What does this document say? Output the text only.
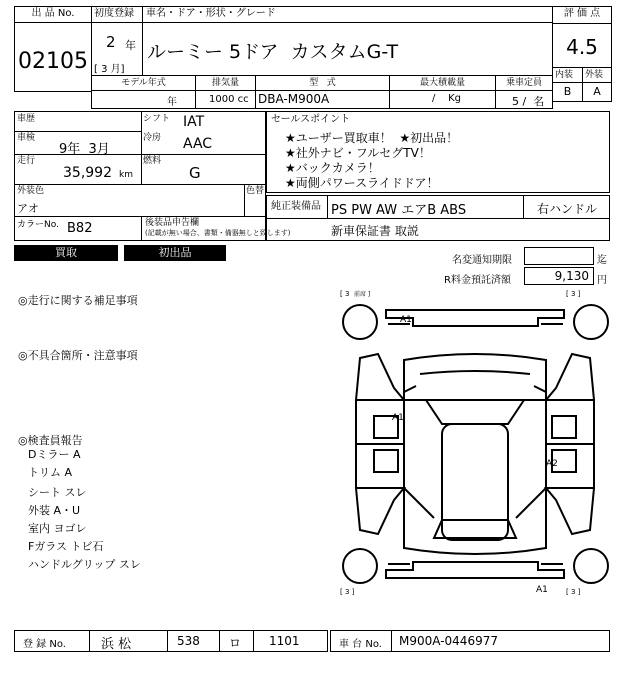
出 品 No.
02105
初度登録
2 年
[ 3 月]
車名・ドア・形状・グレード
ルーミー 5ドア  カスタムG-T
評 価 点
4.5
内装 外装
B	A
モデル年式	排気量	型   式	最大積載量	乗車定員
年	1000 cc DBA-M900A	/    Kg	5 /  名
車歴
車検
9年  3月
走行
35,992 km
シフト IAT
冷房 AAC
燃料
G
外装色
アオ
色替
カラーNo. B82	後装品申告欄
(記載が無い場合、書類・備器無しと致します)
セールスポイント
★ユーザー買取車！  ★初出品！
★社外ナビ・フルセグTV！
★バックカメラ！
★両側パワースライドドア！
純正装備品 PS PW AW エアB ABS	右ハンドル
新車保証書 取説
買取	初出品
名変通知期限	迄
R料金預託済額	9,130 円
◎走行に関する補足事項
◎不具合箇所・注意事項
◎検査員報告
Dミラー A
トリム A
シート スレ
外装 A・U
室内 ヨゴレ
Fガラス トビ石
ハンドルグリップ スレ
[ 3 前席 ]	[ 3 ]
[ 3 ]	[ 3 ]
A1
A1
A2
A1
登 録 No.	浜 松	538 ロ 1101	車 台 No. M900A-0446977
